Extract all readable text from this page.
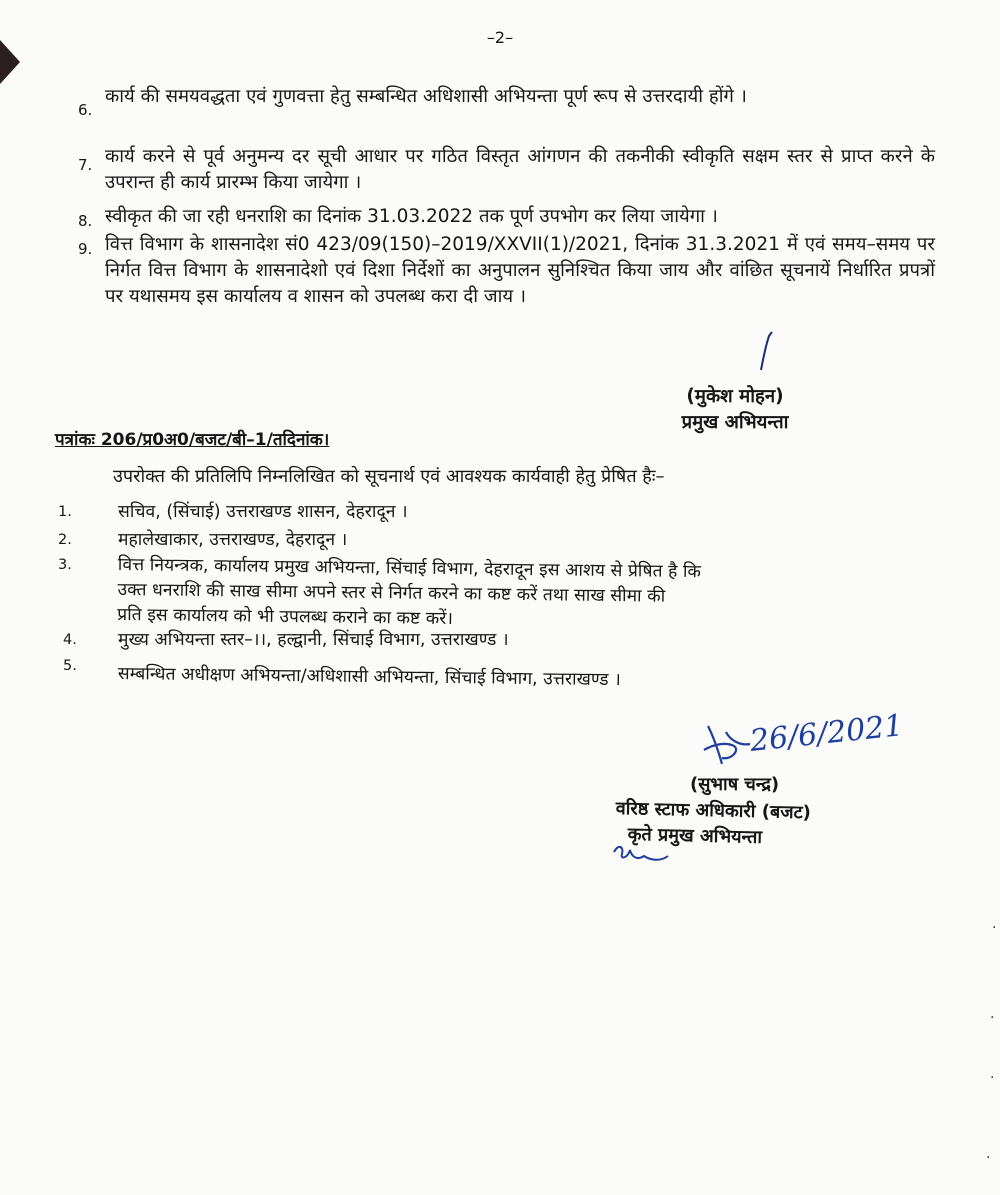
–2–
6.
कार्य की समयवद्धता एवं गुणवत्ता हेतु सम्बन्धित अधिशासी अभियन्ता पूर्ण रूप से उत्तरदायी होंगे ।
7. कार्य करने से पूर्व अनुमन्य दर सूची आधार पर गठित विस्तृत आंगणन की तकनीकी स्वीकृति सक्षम स्तर से प्राप्त करने के उपरान्त ही कार्य प्रारम्भ किया जायेगा ।
8. स्वीकृत की जा रही धनराशि का दिनांक 31.03.2022 तक पूर्ण उपभोग कर लिया जायेगा ।
9. वित्त विभाग के शासनादेश सं0 423/09(150)–2019/XXVII(1)/2021, दिनांक 31.3.2021 में एवं समय–समय पर निर्गत वित्त विभाग के शासनादेशो एवं दिशा निर्देशों का अनुपालन सुनिश्चित किया जाय और वांछित सूचनायें निर्धारित प्रपत्रों पर यथासमय इस कार्यालय व शासन को उपलब्ध करा दी जाय ।
(मुकेश मोहन)
प्रमुख अभियन्ता
पत्रांकः 206/प्र0अ0/बजट/बी–1/तदिनांक।
उपरोक्त की प्रतिलिपि निम्नलिखित को सूचनार्थ एवं आवश्यक कार्यवाही हेतु प्रेषित हैः–
1.	सचिव, (सिंचाई) उत्तराखण्ड शासन, देहरादून ।
2.	महालेखाकार, उत्तराखण्ड, देहरादून ।
3.	वित्त नियन्त्रक, कार्यालय प्रमुख अभियन्ता, सिंचाई विभाग, देहरादून इस आशय से प्रेषित है कि
उक्त धनराशि की साख सीमा अपने स्तर से निर्गत करने का कष्ट करें तथा साख सीमा की
प्रति इस कार्यालय को भी उपलब्ध कराने का कष्ट करें।
4. मुख्य अभियन्ता स्तर–।।, हल्द्वानी, सिंचाई विभाग, उत्तराखण्ड ।
5. सम्बन्धित अधीक्षण अभियन्ता/अधिशासी अभियन्ता, सिंचाई विभाग, उत्तराखण्ड ।
26/6/2021
(सुभाष चन्द्र)
वरिष्ठ स्टाफ अधिकारी (बजट)
कृते प्रमुख अभियन्ता
·
·
·
·
